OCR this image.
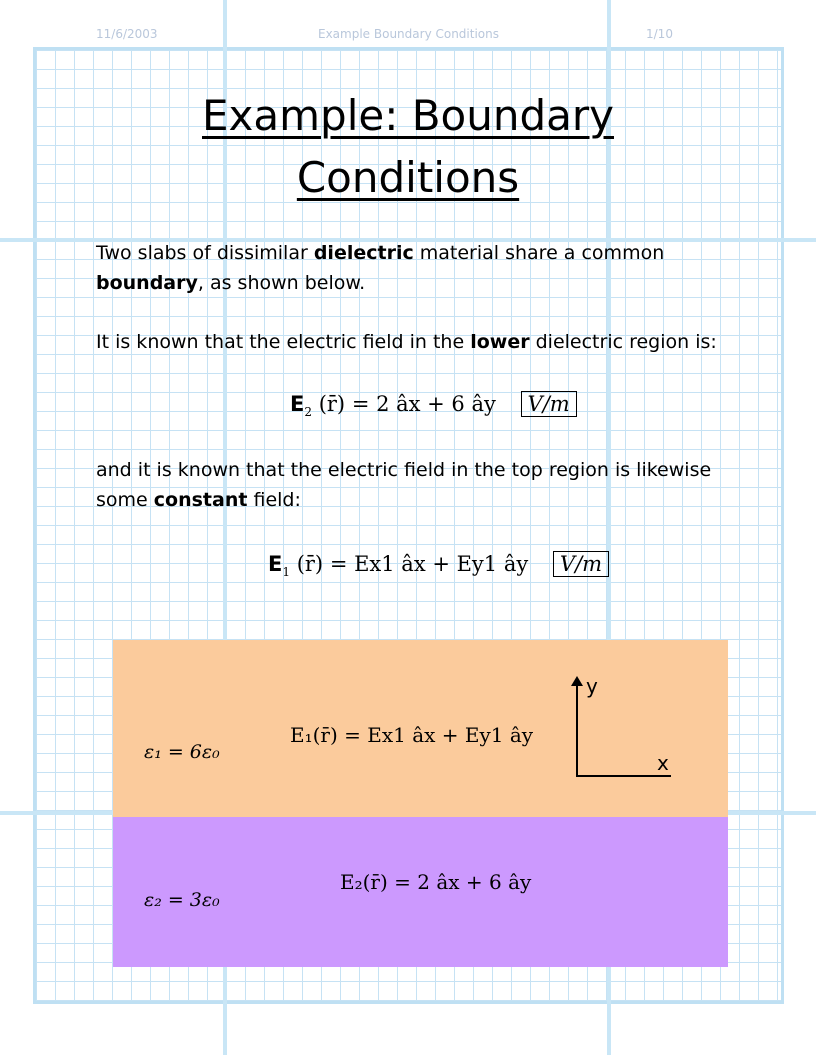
11/6/2003	Example Boundary Conditions	1/10
Example: Boundary
Conditions
Two slabs of dissimilar dielectric material share a common boundary, as shown below.
It is known that the electric field in the lower dielectric region is:
$E_2$ (r̄) = 2 âx + 6 ây V/m
and it is known that the electric field in the top region is likewise some constant field:
$E_1$ (r̄) = Ex1 âx + Ey1 ây V/m
ε₁ = 6ε₀
E₁(r̄) = Ex1 âx + Ey1 ây
ε₂ = 3ε₀
E₂(r̄) = 2 âx + 6 ây
y
x
